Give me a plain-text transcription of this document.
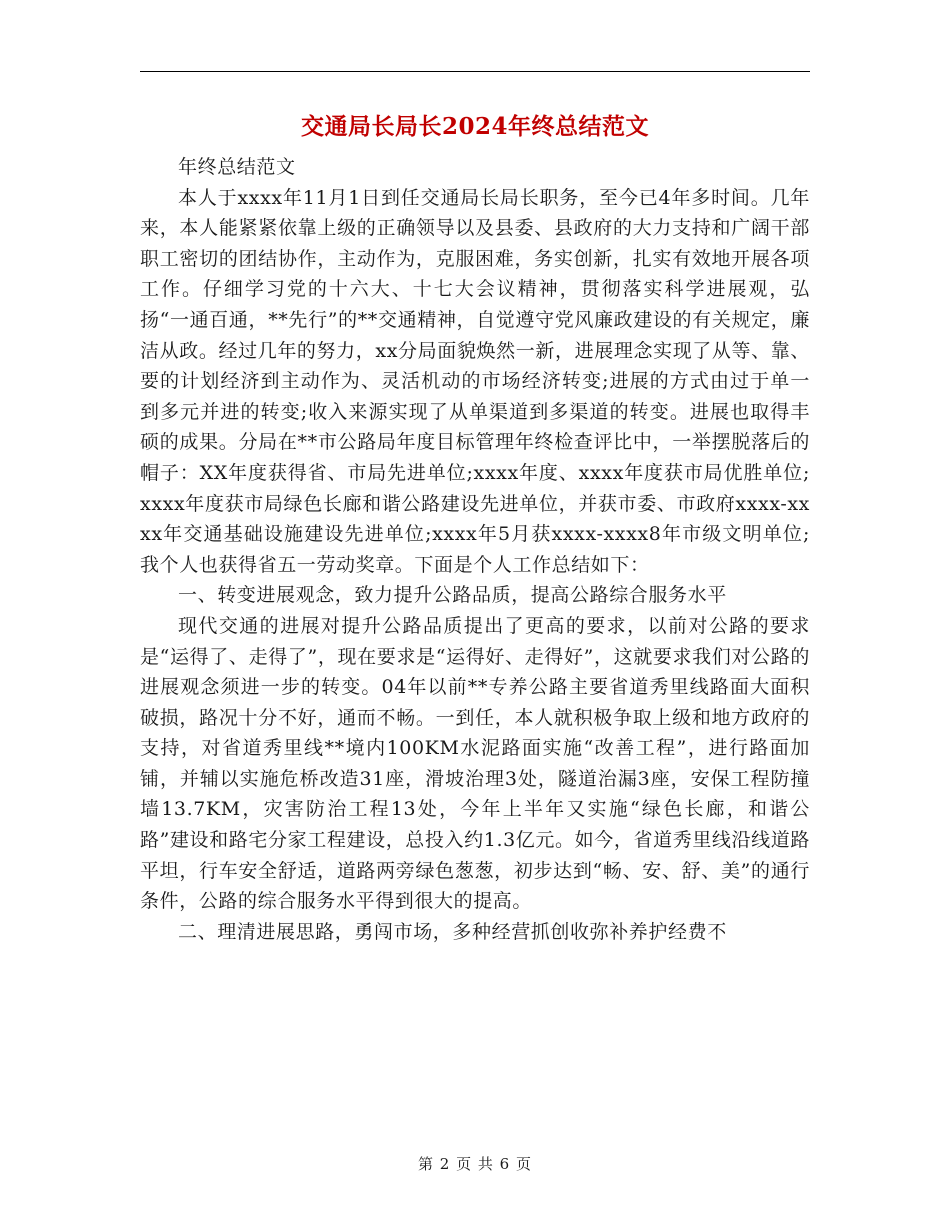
交通局长局长2024年终总结范文

年终总结范文

本人于xxxx年11月1日到任交通局长局长职务，至今已4年多时间。几年来，本人能紧紧依靠上级的正确领导以及县委、县政府的大力支持和广阔干部职工密切的团结协作，主动作为，克服困难，务实创新，扎实有效地开展各项工作。仔细学习党的十六大、十七大会议精神，贯彻落实科学进展观，弘扬“一通百通，**先行”的**交通精神，自觉遵守党风廉政建设的有关规定，廉洁从政。经过几年的努力，xx分局面貌焕然一新，进展理念实现了从等、靠、要的计划经济到主动作为、灵活机动的市场经济转变;进展的方式由过于单一到多元并进的转变;收入来源实现了从单渠道到多渠道的转变。进展也取得丰硕的成果。分局在**市公路局年度目标管理年终检查评比中，一举摆脱落后的帽子：XX年度获得省、市局先进单位;xxxx年度、xxxx年度获市局优胜单位;xxxx年度获市局绿色长廊和谐公路建设先进单位，并获市委、市政府xxxx-xxxx年交通基础设施建设先进单位;xxxx年5月获xxxx-xxxx8年市级文明单位;我个人也获得省五一劳动奖章。下面是个人工作总结如下：

一、转变进展观念，致力提升公路品质，提高公路综合服务水平

现代交通的进展对提升公路品质提出了更高的要求，以前对公路的要求是“运得了、走得了”，现在要求是“运得好、走得好”，这就要求我们对公路的进展观念须进一步的转变。04年以前**专养公路主要省道秀里线路面大面积破损，路况十分不好，通而不畅。一到任，本人就积极争取上级和地方政府的支持，对省道秀里线**境内100KM水泥路面实施“改善工程”，进行路面加铺，并辅以实施危桥改造31座，滑坡治理3处，隧道治漏3座，安保工程防撞墙13.7KM，灾害防治工程13处，今年上半年又实施“绿色长廊，和谐公路”建设和路宅分家工程建设，总投入约1.3亿元。如今，省道秀里线沿线道路平坦，行车安全舒适，道路两旁绿色葱葱，初步达到“畅、安、舒、美”的通行条件，公路的综合服务水平得到很大的提高。

二、理清进展思路，勇闯市场，多种经营抓创收弥补养护经费不

第 2 页 共 6 页
